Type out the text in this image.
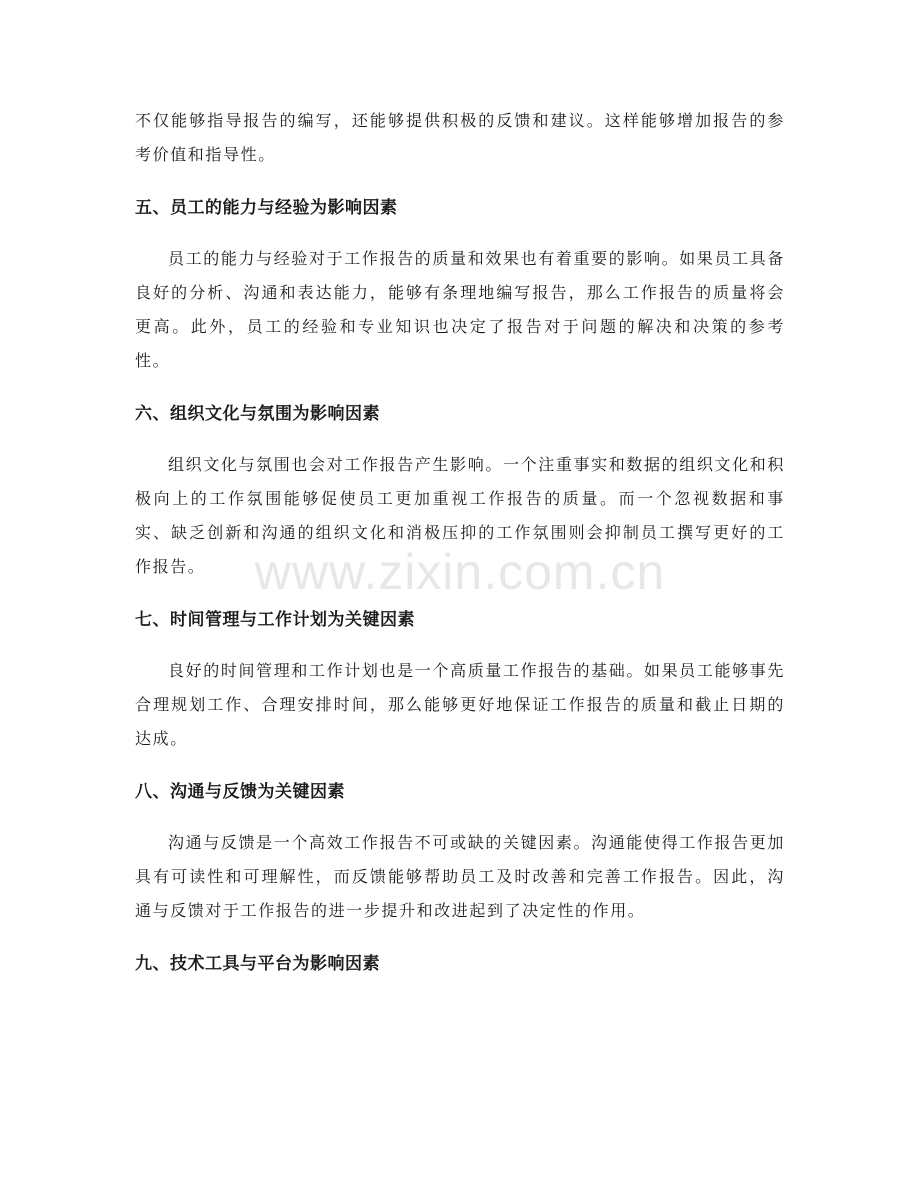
不仅能够指导报告的编写，还能够提供积极的反馈和建议。这样能够增加报告的参考价值和指导性。

五、员工的能力与经验为影响因素

员工的能力与经验对于工作报告的质量和效果也有着重要的影响。如果员工具备良好的分析、沟通和表达能力，能够有条理地编写报告，那么工作报告的质量将会更高。此外，员工的经验和专业知识也决定了报告对于问题的解决和决策的参考性。

六、组织文化与氛围为影响因素

组织文化与氛围也会对工作报告产生影响。一个注重事实和数据的组织文化和积极向上的工作氛围能够促使员工更加重视工作报告的质量。而一个忽视数据和事实、缺乏创新和沟通的组织文化和消极压抑的工作氛围则会抑制员工撰写更好的工作报告。

七、时间管理与工作计划为关键因素

良好的时间管理和工作计划也是一个高质量工作报告的基础。如果员工能够事先合理规划工作、合理安排时间，那么能够更好地保证工作报告的质量和截止日期的达成。

八、沟通与反馈为关键因素

沟通与反馈是一个高效工作报告不可或缺的关键因素。沟通能使得工作报告更加具有可读性和可理解性，而反馈能够帮助员工及时改善和完善工作报告。因此，沟通与反馈对于工作报告的进一步提升和改进起到了决定性的作用。

九、技术工具与平台为影响因素
www.zixin.com.cn
